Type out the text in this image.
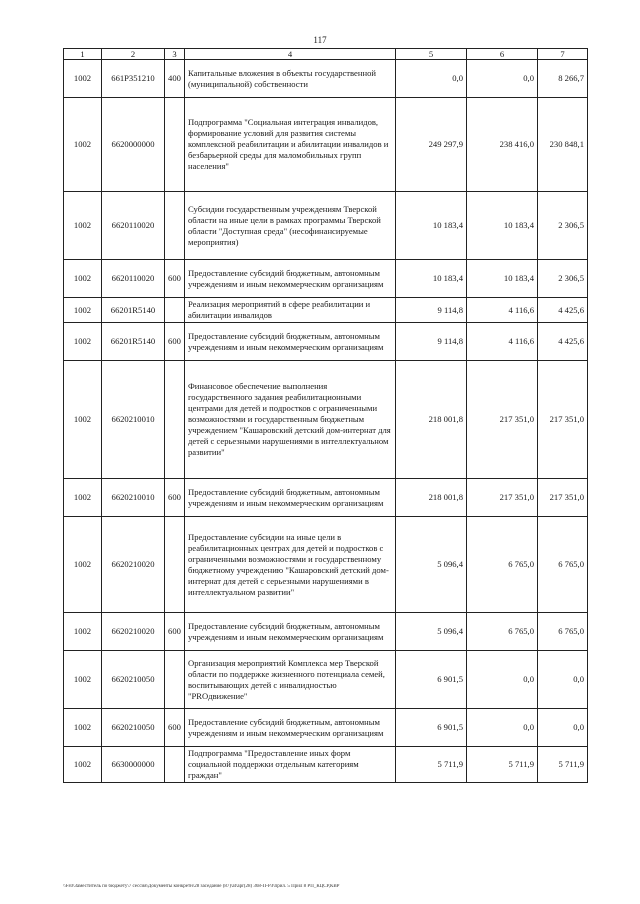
117
1	2	3	4	5	6	7
1002	661Р351210	400	Капитальные вложения в объекты государственной (муниципальной) собственности	0,0	0,0	8 266,7
1002	6620000000		Подпрограмма "Социальная интеграция инвалидов, формирование условий для развития системы комплексной реабилитации и абилитации инвалидов и безбарьерной среды для маломобильных групп населения"	249 297,9	238 416,0	230 848,1
1002	6620110020		Субсидии государственным учреждениям Тверской области на иные цели в рамках программы Тверской области "Доступная среда" (несофинансируемые мероприятия)	10 183,4	10 183,4	2 306,5
1002	6620110020	600	Предоставление субсидий бюджетным, автономным учреждениям и иным некоммерческим организациям	10 183,4	10 183,4	2 306,5
1002	66201R5140		Реализация мероприятий в сфере реабилитации и абилитации инвалидов	9 114,8	4 116,6	4 425,6
1002	66201R5140	600	Предоставление субсидий бюджетным, автономным учреждениям и иным некоммерческим организациям	9 114,8	4 116,6	4 425,6
1002	6620210010		Финансовое обеспечение выполнения государственного задания реабилитационными центрами для детей и подростков с ограниченными возможностями и государственным бюджетным учреждением "Кашаровский детский дом-интернат для детей с серьезными нарушениями в интеллектуальном развитии"	218 001,8	217 351,0	217 351,0
1002	6620210010	600	Предоставление субсидий бюджетным, автономным учреждениям и иным некоммерческим организациям	218 001,8	217 351,0	217 351,0
1002	6620210020		Предоставление субсидии на иные цели в реабилитационных центрах для детей и подростков с ограниченными возможностями и государственному бюджетному учреждению "Кашаровский детский дом-интернат для детей с серьезными нарушениями в интеллектуальном развитии"	5 096,4	6 765,0	6 765,0
1002	6620210020	600	Предоставление субсидий бюджетным, автономным учреждениям и иным некоммерческим организациям	5 096,4	6 765,0	6 765,0
1002	6620210050		Организация мероприятий Комплекса мер Тверской области по поддержке жизненного потенциала семей, воспитывающих детей с инвалидностью "PROдвижение"	6 901,5	0,0	0,0
1002	6620210050	600	Предоставление субсидий бюджетным, автономным учреждениям и иным некоммерческим организациям	6 901,5	0,0	0,0
1002	6630000000		Подпрограмма "Предоставление иных форм социальной поддержки отдельным категориям граждан"	5 711,9	5 711,9	5 711,9
\\Fs0\Заместитель по бюджету\7 сессия\Документы конкретн\28 заседание (87)\at\apr(28) 368-П-РЗ\прил. 5 Прил 8 РП_КЦСР,КВР
